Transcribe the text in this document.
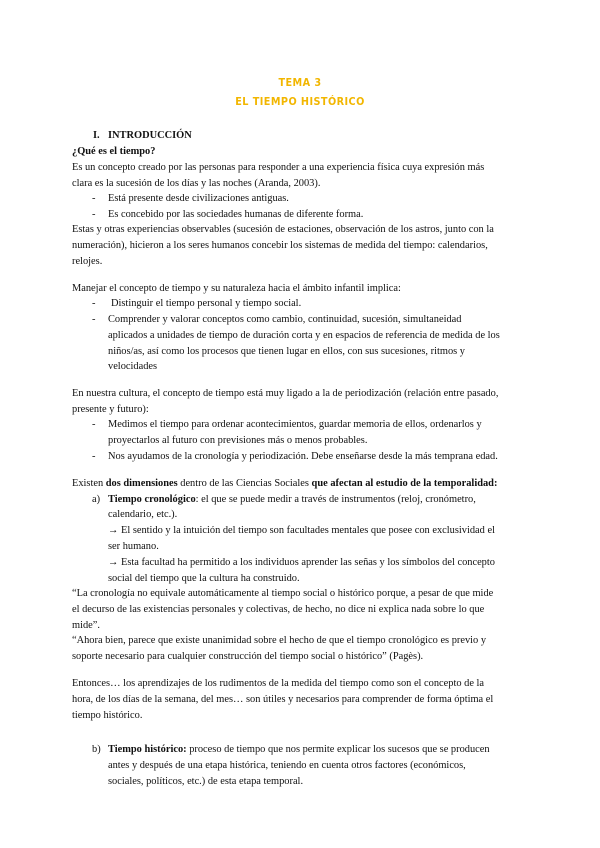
TEMA 3
EL TIEMPO HISTÓRICO
I. INTRODUCCIÓN
¿Qué es el tiempo?
Es un concepto creado por las personas para responder a una experiencia física cuya expresión más
clara es la sucesión de los días y las noches (Aranda, 2003).
- Está presente desde civilizaciones antiguas.
- Es concebido por las sociedades humanas de diferente forma.
Estas y otras experiencias observables (sucesión de estaciones, observación de los astros, junto con la
numeración), hicieron a los seres humanos concebir los sistemas de medida del tiempo: calendarios,
relojes.
Manejar el concepto de tiempo y su naturaleza hacia el ámbito infantil implica:
- Distinguir el tiempo personal y tiempo social.
- Comprender y valorar conceptos como cambio, continuidad, sucesión, simultaneidad
aplicados a unidades de tiempo de duración corta y en espacios de referencia de medida de los
niños/as, así como los procesos que tienen lugar en ellos, con sus sucesiones, ritmos y
velocidades
En nuestra cultura, el concepto de tiempo está muy ligado a la de periodización (relación entre pasado,
presente y futuro):
- Medimos el tiempo para ordenar acontecimientos, guardar memoria de ellos, ordenarlos y
proyectarlos al futuro con previsiones más o menos probables.
- Nos ayudamos de la cronología y periodización. Debe enseñarse desde la más temprana edad.
Existen dos dimensiones dentro de las Ciencias Sociales que afectan al estudio de la temporalidad:
a) Tiempo cronológico: el que se puede medir a través de instrumentos (reloj, cronómetro,
calendario, etc.).
→ El sentido y la intuición del tiempo son facultades mentales que posee con exclusividad el
ser humano.
→ Esta facultad ha permitido a los individuos aprender las señas y los símbolos del concepto
social del tiempo que la cultura ha construido.
“La cronología no equivale automáticamente al tiempo social o histórico porque, a pesar de que mide
el decurso de las existencias personales y colectivas, de hecho, no dice ni explica nada sobre lo que
mide”.
“Ahora bien, parece que existe unanimidad sobre el hecho de que el tiempo cronológico es previo y
soporte necesario para cualquier construcción del tiempo social o histórico” (Pagès).
Entonces… los aprendizajes de los rudimentos de la medida del tiempo como son el concepto de la
hora, de los días de la semana, del mes… son útiles y necesarios para comprender de forma óptima el
tiempo histórico.
b) Tiempo histórico: proceso de tiempo que nos permite explicar los sucesos que se producen
antes y después de una etapa histórica, teniendo en cuenta otros factores (económicos,
sociales, políticos, etc.) de esta etapa temporal.
